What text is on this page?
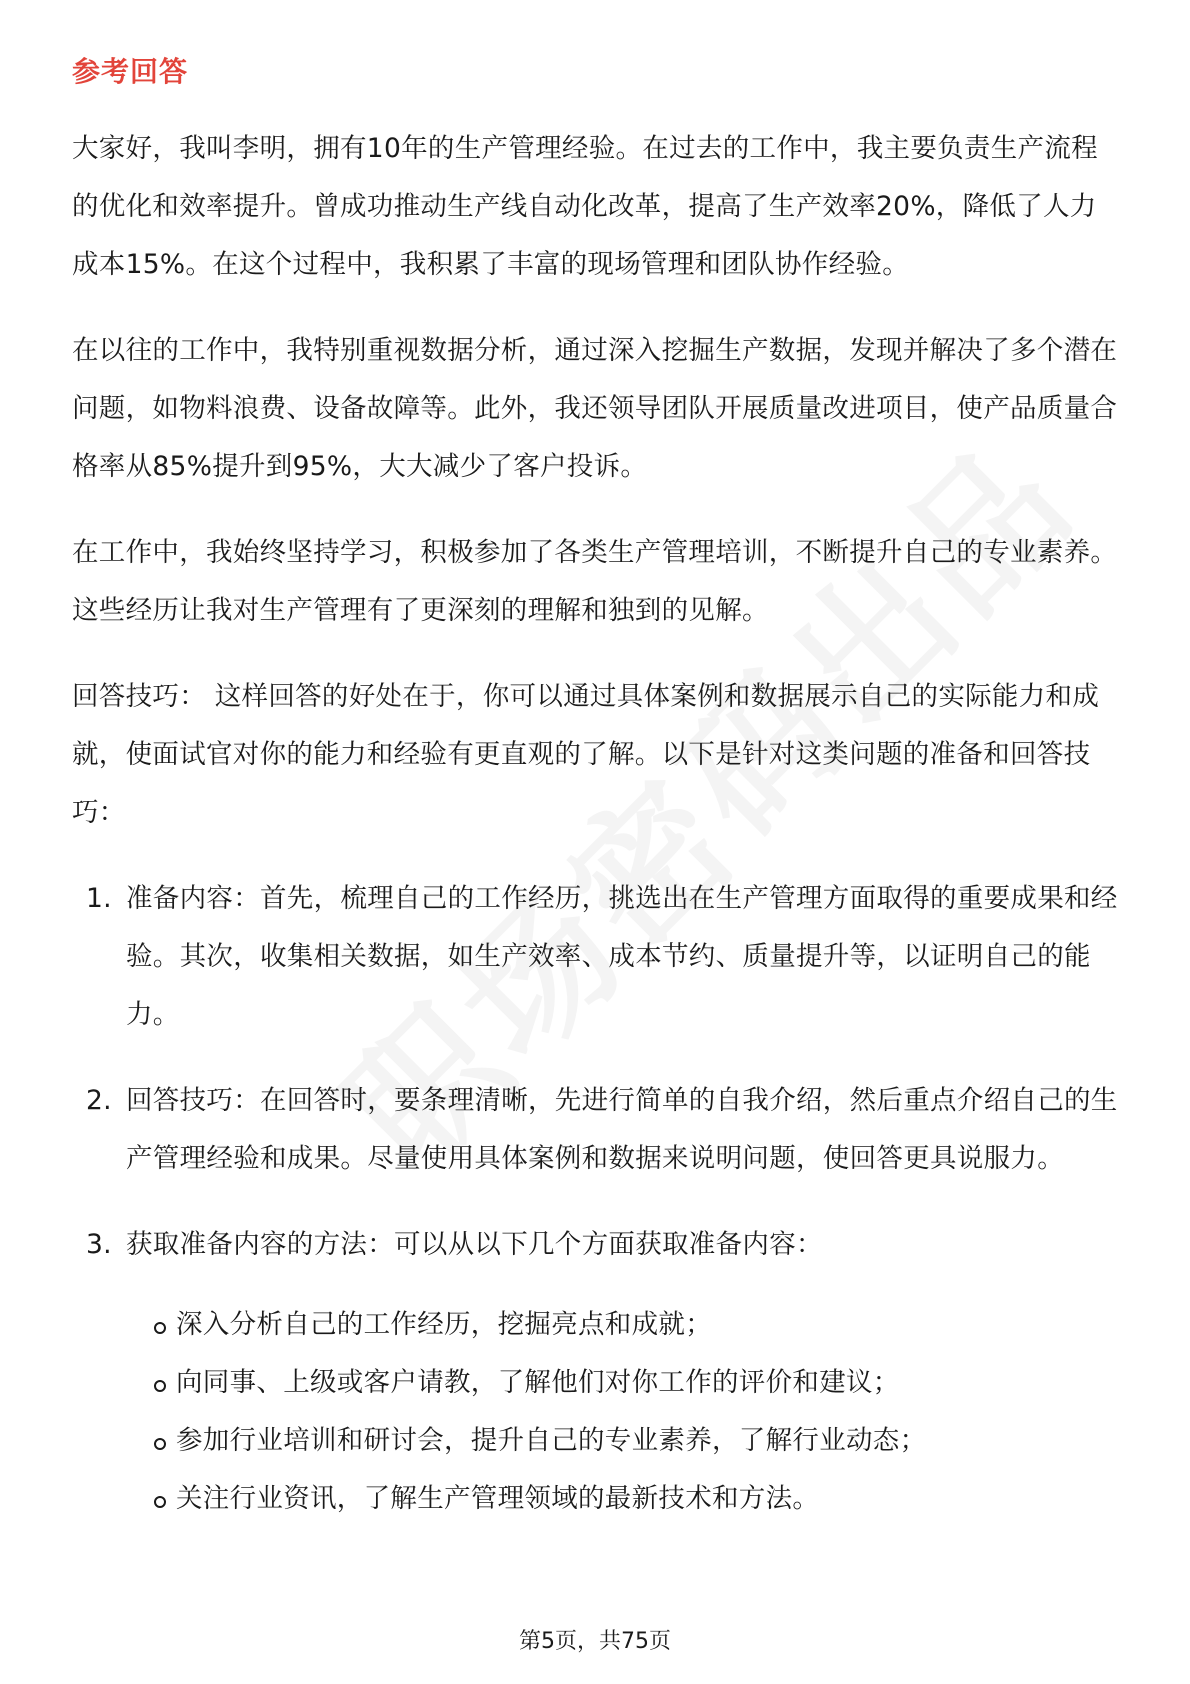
参考回答

大家好，我叫李明，拥有10年的生产管理经验。在过去的工作中，我主要负责生产流程的优化和效率提升。曾成功推动生产线自动化改革，提高了生产效率20%，降低了人力成本15%。在这个过程中，我积累了丰富的现场管理和团队协作经验。

在以往的工作中，我特别重视数据分析，通过深入挖掘生产数据，发现并解决了多个潜在问题，如物料浪费、设备故障等。此外，我还领导团队开展质量改进项目，使产品质量合格率从85%提升到95%，大大减少了客户投诉。

在工作中，我始终坚持学习，积极参加了各类生产管理培训，不断提升自己的专业素养。这些经历让我对生产管理有了更深刻的理解和独到的见解。

回答技巧： 这样回答的好处在于，你可以通过具体案例和数据展示自己的实际能力和成就，使面试官对你的能力和经验有更直观的了解。以下是针对这类问题的准备和回答技巧：

1. 准备内容：首先，梳理自己的工作经历，挑选出在生产管理方面取得的重要成果和经验。其次，收集相关数据，如生产效率、成本节约、质量提升等，以证明自己的能力。
2. 回答技巧：在回答时，要条理清晰，先进行简单的自我介绍，然后重点介绍自己的生产管理经验和成果。尽量使用具体案例和数据来说明问题，使回答更具说服力。
3. 获取准备内容的方法：可以从以下几个方面获取准备内容：
深入分析自己的工作经历，挖掘亮点和成就；
向同事、上级或客户请教，了解他们对你工作的评价和建议；
参加行业培训和研讨会，提升自己的专业素养，了解行业动态；
关注行业资讯，了解生产管理领域的最新技术和方法。
第5页，共75页
